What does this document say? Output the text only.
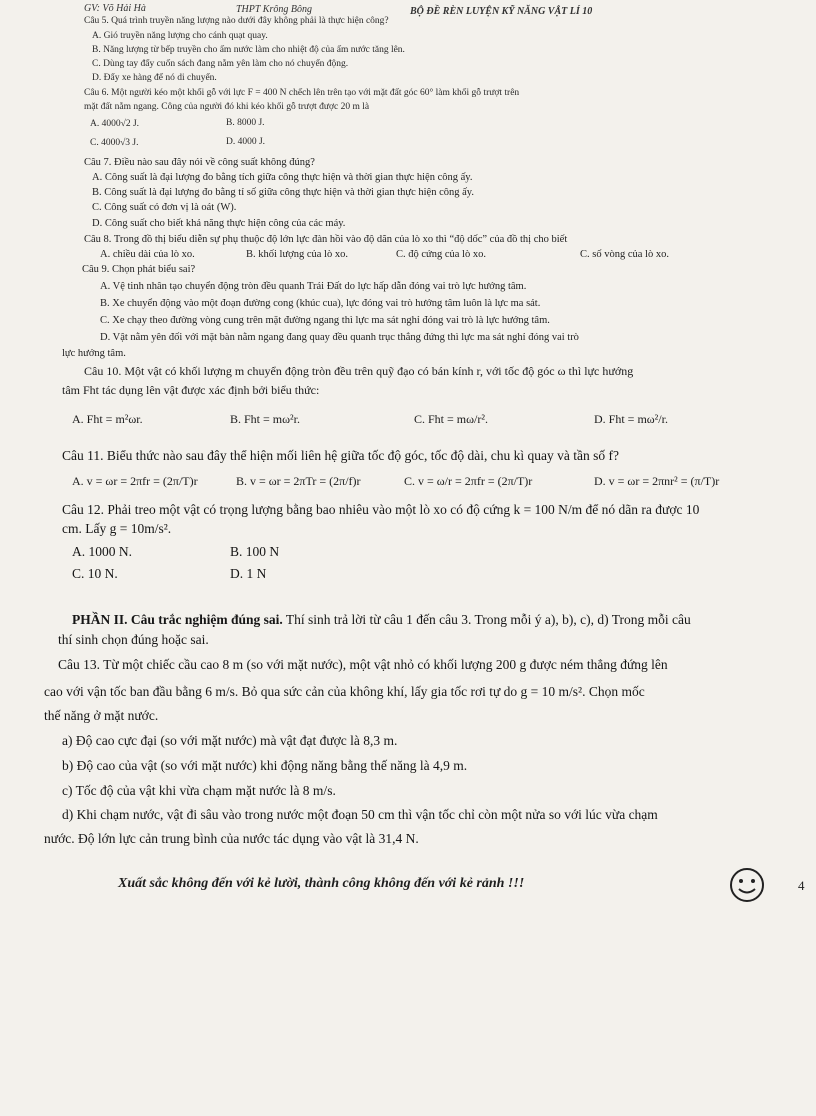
GV: Võ Hải Hà	THPT Krông Bông	BỘ ĐỀ RÈN LUYỆN KỸ NĂNG VẬT LÍ 10
Câu 5. Quá trình truyền năng lượng nào dưới đây không phải là thực hiện công?
A. Gió truyền năng lượng cho cánh quạt quay.
B. Năng lượng từ bếp truyền cho ấm nước làm cho nhiệt độ của ấm nước tăng lên.
C. Dùng tay đẩy cuốn sách đang nằm yên làm cho nó chuyển động.
D. Đẩy xe hàng để nó di chuyển.
Câu 6. Một người kéo một khối gỗ với lực F = 400 N chếch lên trên tạo với mặt đất góc 60° làm khối gỗ trượt trên
mặt đất nằm ngang. Công của người đó khi kéo khối gỗ trượt được 20 m là
A. 4000√2 J.	B. 8000 J.
C. 4000√3 J.	D. 4000 J.
Câu 7. Điều nào sau đây nói về công suất không đúng?
A. Công suất là đại lượng đo bằng tích giữa công thực hiện và thời gian thực hiện công ấy.
B. Công suất là đại lượng đo bằng tỉ số giữa công thực hiện và thời gian thực hiện công ấy.
C. Công suất có đơn vị là oát (W).
D. Công suất cho biết khả năng thực hiện công của các máy.
Câu 8. Trong đồ thị biểu diễn sự phụ thuộc độ lớn lực đàn hồi vào độ dãn của lò xo thì “độ dốc” của đồ thị cho biết
A. chiều dài của lò xo.	B. khối lượng của lò xo.	C. độ cứng của lò xo.	C. số vòng của lò xo.
Câu 9. Chọn phát biểu sai?
A. Vệ tinh nhân tạo chuyển động tròn đều quanh Trái Đất do lực hấp dẫn đóng vai trò lực hướng tâm.
B. Xe chuyển động vào một đoạn đường cong (khúc cua), lực đóng vai trò hướng tâm luôn là lực ma sát.
C. Xe chạy theo đường vòng cung trên mặt đường ngang thì lực ma sát nghỉ đóng vai trò là lực hướng tâm.
D. Vật nằm yên đối với mặt bàn nằm ngang đang quay đều quanh trục thẳng đứng thì lực ma sát nghỉ đóng vai trò
lực hướng tâm.
Câu 10. Một vật có khối lượng m chuyển động tròn đều trên quỹ đạo có bán kính r, với tốc độ góc ω thì lực hướng
tâm Fht tác dụng lên vật được xác định bởi biểu thức:
A. Fht = m²ωr.	B. Fht = mω²r.	C. Fht = mω/r².	D. Fht = mω²/r.
Câu 11. Biểu thức nào sau đây thể hiện mối liên hệ giữa tốc độ góc, tốc độ dài, chu kì quay và tần số f?
A. v = ωr = 2πfr = (2π/T)r	B. v = ωr = 2πTr = (2π/f)r	C. v = ω/r = 2πfr = (2π/T)r	D. v = ωr = 2πnr² = (π/T)r
Câu 12. Phải treo một vật có trọng lượng bằng bao nhiêu vào một lò xo có độ cứng k = 100 N/m để nó dãn ra được 10
cm. Lấy g = 10m/s².
A. 1000 N.	B. 100 N
C. 10 N.	D. 1 N
PHẦN II. Câu trắc nghiệm đúng sai. Thí sinh trả lời từ câu 1 đến câu 3. Trong mỗi ý a), b), c), d) Trong mỗi câu
thí sinh chọn đúng hoặc sai.
Câu 13. Từ một chiếc cầu cao 8 m (so với mặt nước), một vật nhỏ có khối lượng 200 g được ném thẳng đứng lên
cao với vận tốc ban đầu bằng 6 m/s. Bỏ qua sức cản của không khí, lấy gia tốc rơi tự do g = 10 m/s². Chọn mốc
thế năng ở mặt nước.
a) Độ cao cực đại (so với mặt nước) mà vật đạt được là 8,3 m.
b) Độ cao của vật (so với mặt nước) khi động năng bằng thế năng là 4,9 m.
c) Tốc độ của vật khi vừa chạm mặt nước là 8 m/s.
d) Khi chạm nước, vật đi sâu vào trong nước một đoạn 50 cm thì vận tốc chỉ còn một nửa so với lúc vừa chạm
nước. Độ lớn lực cản trung bình của nước tác dụng vào vật là 31,4 N.
Xuất sắc không đến với kẻ lười, thành công không đến với kẻ rảnh !!!	4
